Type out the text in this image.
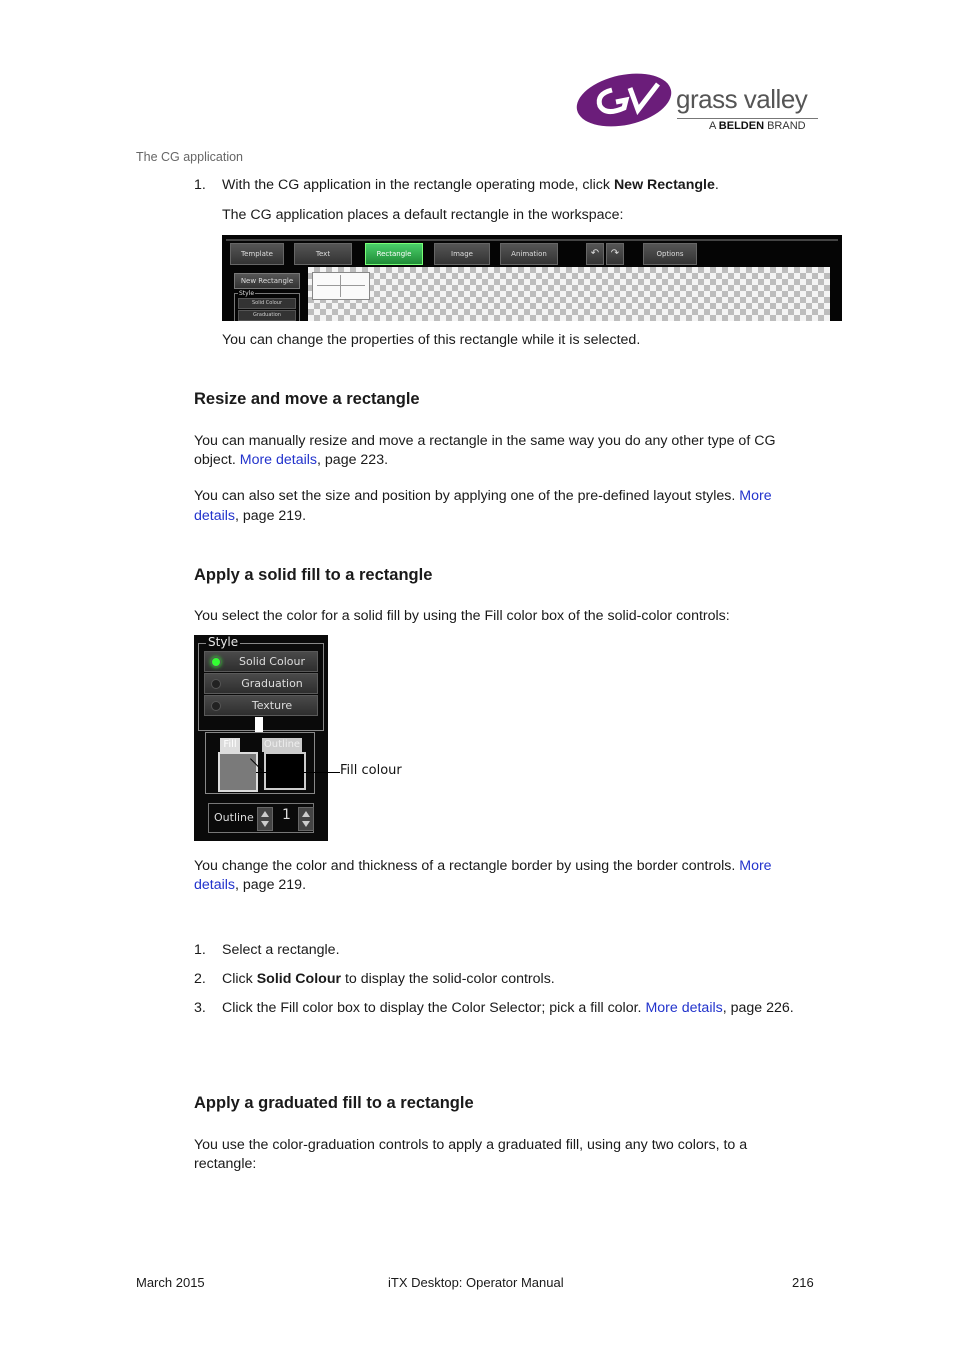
grass valley
A BELDEN BRAND
The CG application
1. With the CG application in the rectangle operating mode, click New Rectangle.
The CG application places a default rectangle in the workspace:
Template	Text	Rectangle	Image	Animation	↶	↷	Options
New Rectangle
Style
Solid Colour
Graduation
You can change the properties of this rectangle while it is selected.
Resize and move a rectangle
You can manually resize and move a rectangle in the same way you do any other type of CG
object. More details, page 223.
You can also set the size and position by applying one of the pre-defined layout styles. More
details, page 219.
Apply a solid fill to a rectangle
You select the color for a solid fill by using the Fill color box of the solid-color controls:
Style
Solid Colour
Graduation
Texture
Fill	Outline
Outline 1
Fill colour
You change the color and thickness of a rectangle border by using the border controls. More
details, page 219.
1. Select a rectangle.
2. Click Solid Colour to display the solid-color controls.
3. Click the Fill color box to display the Color Selector; pick a fill color. More details, page 226.
Apply a graduated fill to a rectangle
You use the color-graduation controls to apply a graduated fill, using any two colors, to a
rectangle:
March 2015	iTX Desktop: Operator Manual	216
